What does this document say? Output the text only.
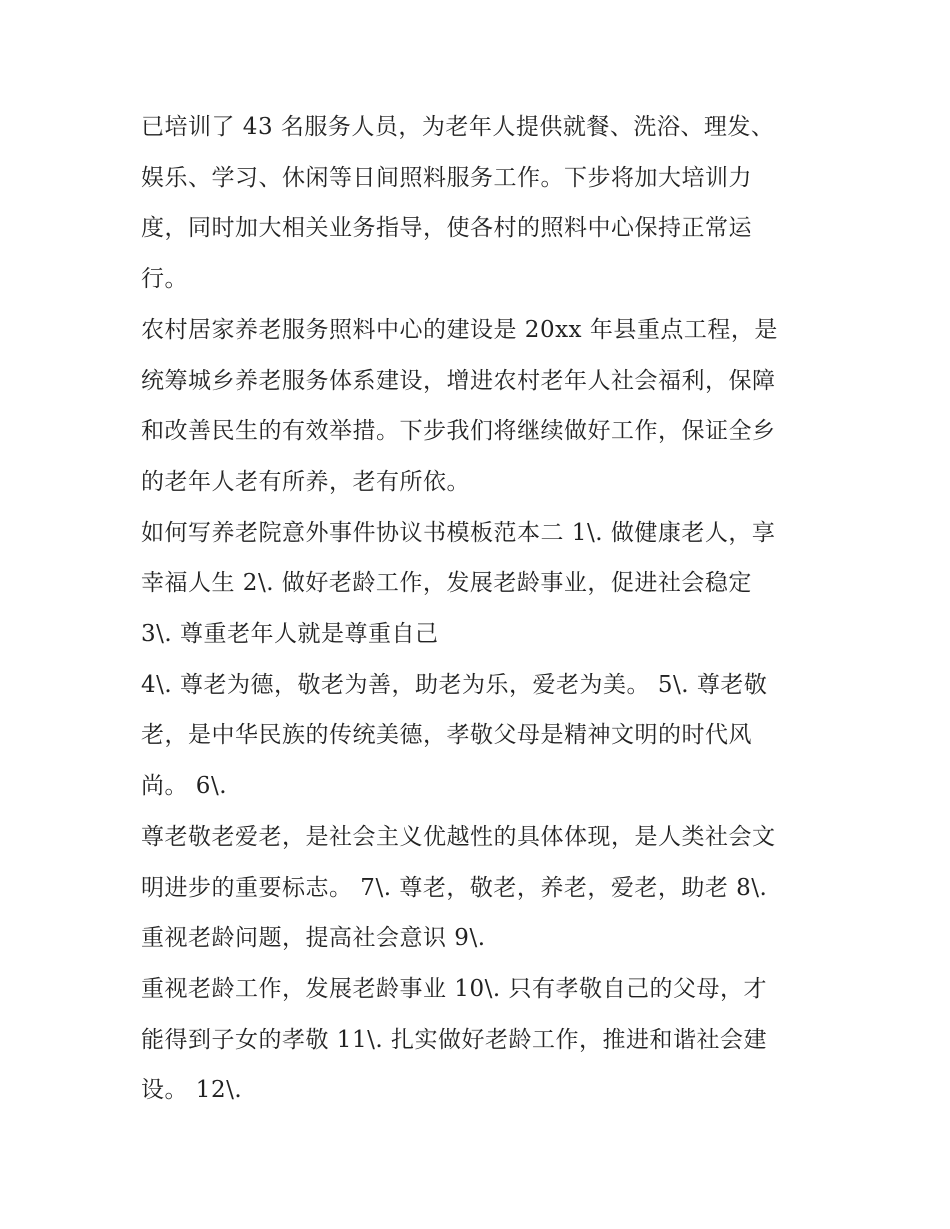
已培训了 43 名服务人员，为老年人提供就餐、洗浴、理发、
娱乐、学习、休闲等日间照料服务工作。下步将加大培训力
度，同时加大相关业务指导，使各村的照料中心保持正常运
行。

农村居家养老服务照料中心的建设是 20xx 年县重点工程，是
统筹城乡养老服务体系建设，增进农村老年人社会福利，保障
和改善民生的有效举措。下步我们将继续做好工作，保证全乡
的老年人老有所养，老有所依。

如何写养老院意外事件协议书模板范本二 1\. 做健康老人，享
幸福人生 2\. 做好老龄工作，发展老龄事业，促进社会稳定
3\. 尊重老年人就是尊重自己

4\. 尊老为德，敬老为善，助老为乐，爱老为美。 5\. 尊老敬
老，是中华民族的传统美德，孝敬父母是精神文明的时代风
尚。 6\.

尊老敬老爱老，是社会主义优越性的具体体现，是人类社会文
明进步的重要标志。 7\. 尊老，敬老，养老，爱老，助老 8\.
重视老龄问题，提高社会意识 9\.

重视老龄工作，发展老龄事业 10\. 只有孝敬自己的父母，才
能得到子女的孝敬 11\. 扎实做好老龄工作，推进和谐社会建
设。 12\.
